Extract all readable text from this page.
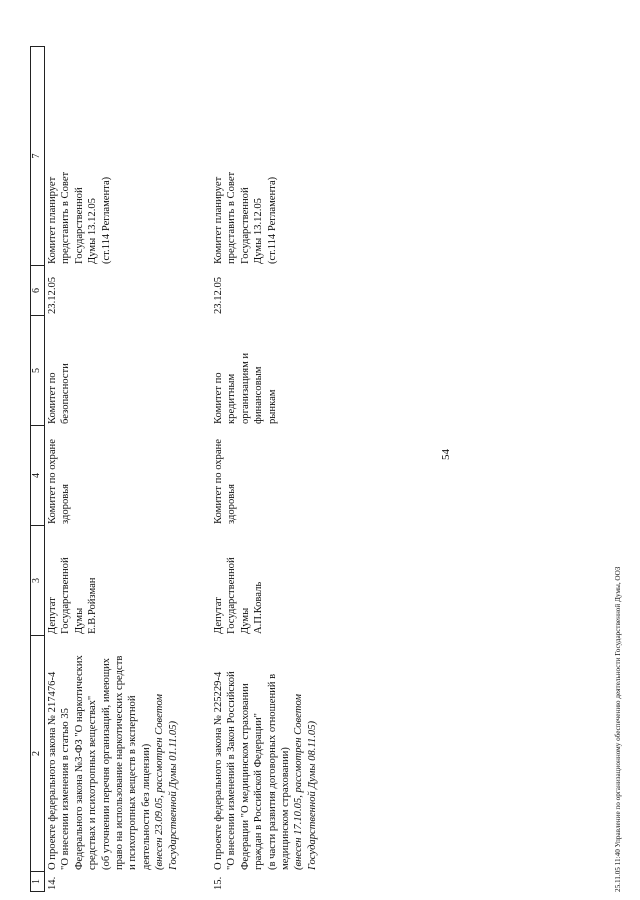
54
1
2
3
4
5
6
7
14.
О проекте федерального закона № 217476-4 "О внесении изменения в статью 35 Федерального закона №3-ФЗ "О наркотических средствах и психотропных веществах" (об уточнении перечня организаций, имеющих право на использование наркотических средств и психотропных веществ в экспертной деятельности без лицензии) (внесен 23.09.05, рассмотрен Советом Государственной Думы 01.11.05)
Депутат Государственной Думы Е.В.Ройзман
Комитет по охране здоровья
Комитет по безопасности
23.12.05
Комитет планирует представить в Совет Государственной Думы 13.12.05 (ст.114 Регламента)
15.
О проекте федерального закона № 225229-4 "О внесении изменений в Закон Российской Федерации "О медицинском страховании граждан в Российской Федерации" (в части развития договорных отношений в медицинском страховании) (внесен 17.10.05, рассмотрен Советом Государственной Думы 08.11.05)
Депутат Государственной Думы А.П.Коваль
Комитет по охране здоровья
Комитет по кредитным организациям и финансовым рынкам
23.12.05
Комитет планирует представить в Совет Государственной Думы 13.12.05 (ст.114 Регламента)
25.11.05 11:40 Управление по организационному обеспечению деятельности Государственной Думы, ООЗ
